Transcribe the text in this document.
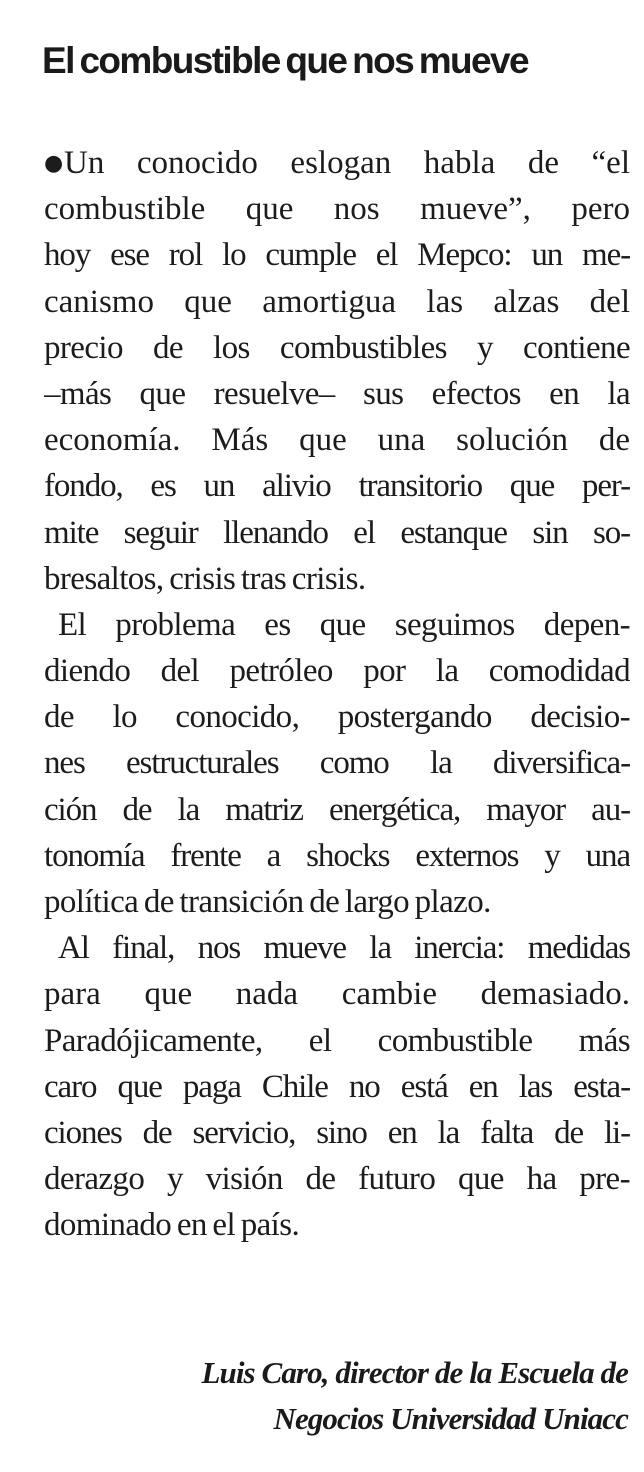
El combustible que nos mueve
●Un conocido eslogan habla de “el
combustible que nos mueve”, pero
hoy ese rol lo cumple el Mepco: un me-
canismo que amortigua las alzas del
precio de los combustibles y contiene
–más que resuelve– sus efectos en la
economía. Más que una solución de
fondo, es un alivio transitorio que per-
mite seguir llenando el estanque sin so-
bresaltos, crisis tras crisis.
El problema es que seguimos depen-
diendo del petróleo por la comodidad
de lo conocido, postergando decisio-
nes estructurales como la diversifica-
ción de la matriz energética, mayor au-
tonomía frente a shocks externos y una
política de transición de largo plazo.
Al final, nos mueve la inercia: medidas
para que nada cambie demasiado.
Paradójicamente, el combustible más
caro que paga Chile no está en las esta-
ciones de servicio, sino en la falta de li-
derazgo y visión de futuro que ha pre-
dominado en el país.
Luis Caro, director de la Escuela de
Negocios Universidad Uniacc
